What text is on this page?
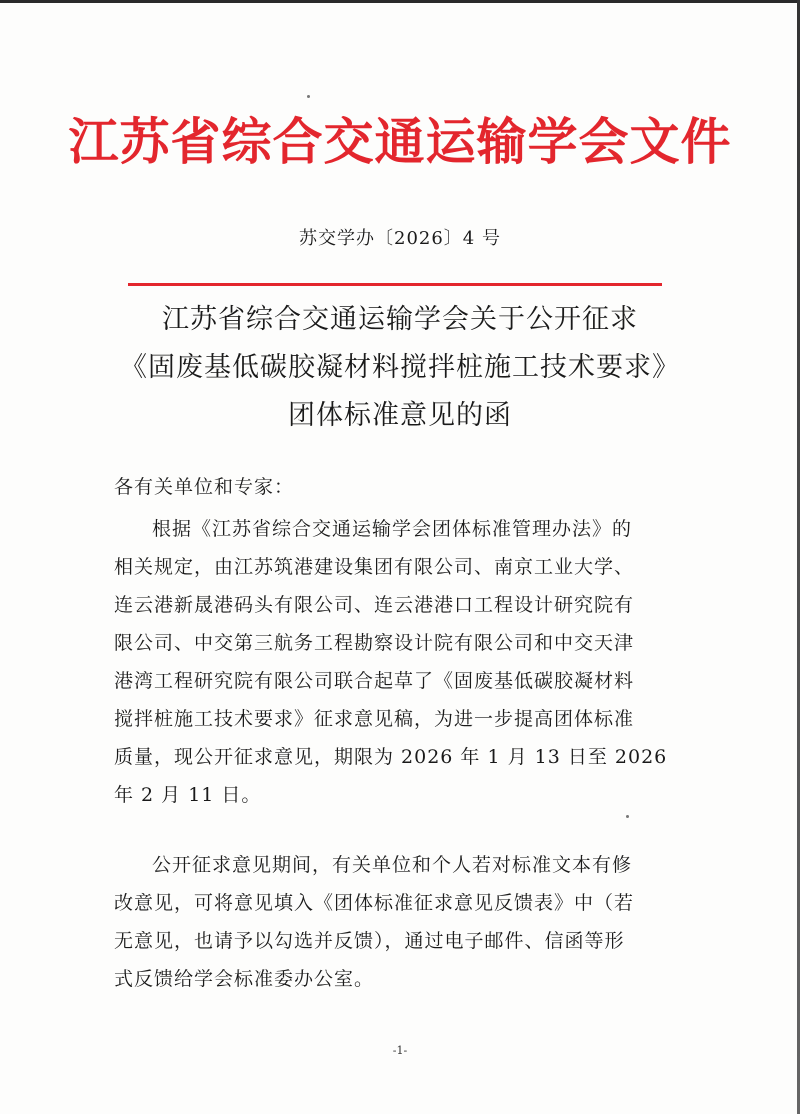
江苏省综合交通运输学会文件
苏交学办〔2026〕4 号
江苏省综合交通运输学会关于公开征求
《固废基低碳胶凝材料搅拌桩施工技术要求》
团体标准意见的函
各有关单位和专家：
根据《江苏省综合交通运输学会团体标准管理办法》的
相关规定，由江苏筑港建设集团有限公司、南京工业大学、
连云港新晟港码头有限公司、连云港港口工程设计研究院有
限公司、中交第三航务工程勘察设计院有限公司和中交天津
港湾工程研究院有限公司联合起草了《固废基低碳胶凝材料
搅拌桩施工技术要求》征求意见稿，为进一步提高团体标准
质量，现公开征求意见，期限为 2026 年 1 月 13 日至 2026
年 2 月 11 日。
公开征求意见期间，有关单位和个人若对标准文本有修
改意见，可将意见填入《团体标准征求意见反馈表》中（若
无意见，也请予以勾选并反馈），通过电子邮件、信函等形
式反馈给学会标准委办公室。
-1-
